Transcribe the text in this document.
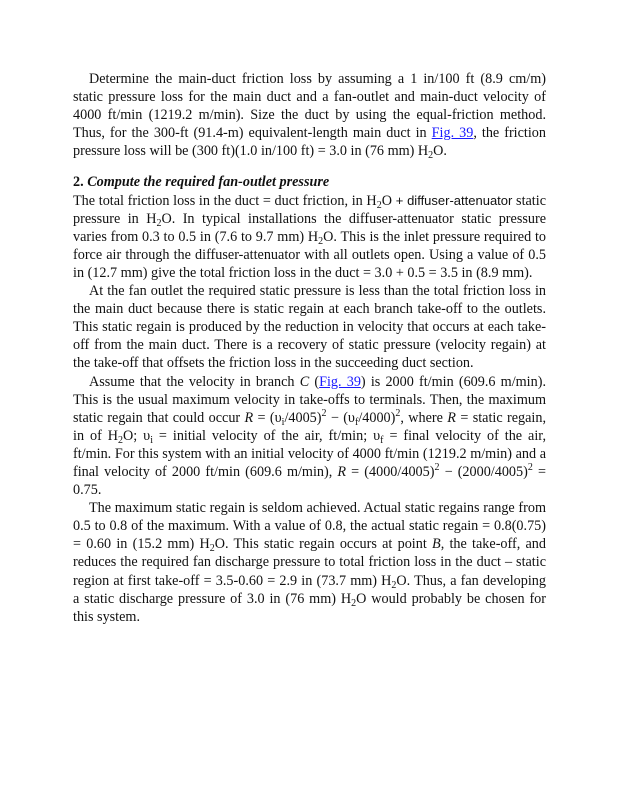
Determine the main-duct friction loss by assuming a 1 in/100 ft (8.9 cm/m) static pressure loss for the main duct and a fan-outlet and main-duct velocity of 4000 ft/min (1219.2 m/min). Size the duct by using the equal-friction method. Thus, for the 300-ft (91.4-m) equivalent-length main duct in Fig. 39, the friction pressure loss will be (300 ft)(1.0 in/100 ft) = 3.0 in (76 mm) $H_2O$.

2. Compute the required fan-outlet pressure

The total friction loss in the duct = duct friction, in $H_2O$ + diffuser-attenuator static pressure in $H_2O$. In typical installations the diffuser-attenuator static pressure varies from 0.3 to 0.5 in (7.6 to 9.7 mm) $H_2O$. This is the inlet pressure required to force air through the diffuser-attenuator with all outlets open. Using a value of 0.5 in (12.7 mm) give the total friction loss in the duct = 3.0 + 0.5 = 3.5 in (8.9 mm).

At the fan outlet the required static pressure is less than the total friction loss in the main duct because there is static regain at each branch take-off to the outlets. This static regain is produced by the reduction in velocity that occurs at each take-off from the main duct. There is a recovery of static pressure (velocity regain) at the take-off that offsets the friction loss in the succeeding duct section.

Assume that the velocity in branch C (Fig. 39) is 2000 ft/min (609.6 m/min). This is the usual maximum velocity in take-offs to terminals. Then, the maximum static regain that could occur $R = (\upsilon_i/4005)^2 - (\upsilon_f/4000)^2$, where R = static regain, in of $H_2O$; $\upsilon_i$ = initial velocity of the air, ft/min; $\upsilon_f$ = final velocity of the air, ft/min. For this system with an initial velocity of 4000 ft/min (1219.2 m/min) and a final velocity of 2000 ft/min (609.6 m/min), $R = (4000/4005)^2 - (2000/4005)^2 = 0.75$.

The maximum static regain is seldom achieved. Actual static regains range from 0.5 to 0.8 of the maximum. With a value of 0.8, the actual static regain = 0.8(0.75) = 0.60 in (15.2 mm) $H_2O$. This static regain occurs at point B, the take-off, and reduces the required fan discharge pressure to total friction loss in the duct – static region at first take-off = 3.5-0.60 = 2.9 in (73.7 mm) $H_2O$. Thus, a fan developing a static discharge pressure of 3.0 in (76 mm) $H_2O$ would probably be chosen for this system.
